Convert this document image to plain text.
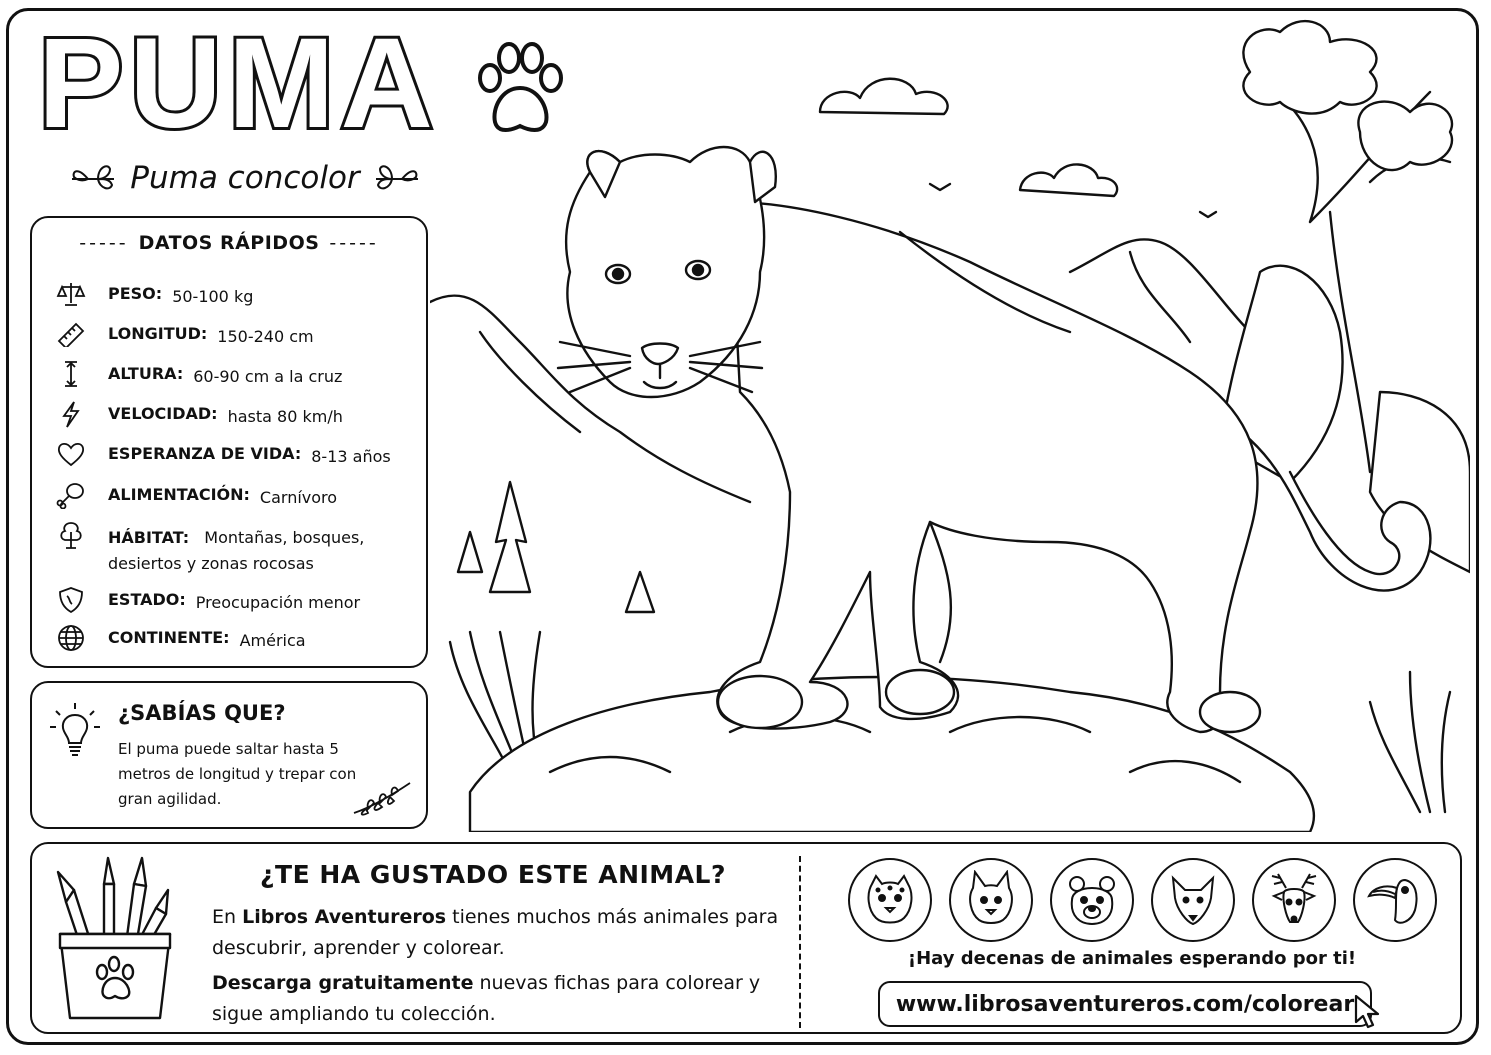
PUMA
Puma concolor
----- DATOS RÁPIDOS -----
PESO: 50-100 kg
LONGITUD: 150-240 cm
ALTURA: 60-90 cm a la cruz
VELOCIDAD: hasta 80 km/h
ESPERANZA DE VIDA: 8-13 años
ALIMENTACIÓN: Carnívoro
HÁBITAT: Montañas, bosques, desiertos y zonas rocosas
ESTADO: Preocupación menor
CONTINENTE: América
¿SABÍAS QUE?
El puma puede saltar hasta 5 metros de longitud y trepar con gran agilidad.
¿TE HA GUSTADO ESTE ANIMAL?
En Libros Aventureros tienes muchos más animales para descubrir, aprender y colorear.
Descarga gratuitamente nuevas fichas para colorear y sigue ampliando tu colección.
¡Hay decenas de animales esperando por ti!
www.librosaventureros.com/colorear
